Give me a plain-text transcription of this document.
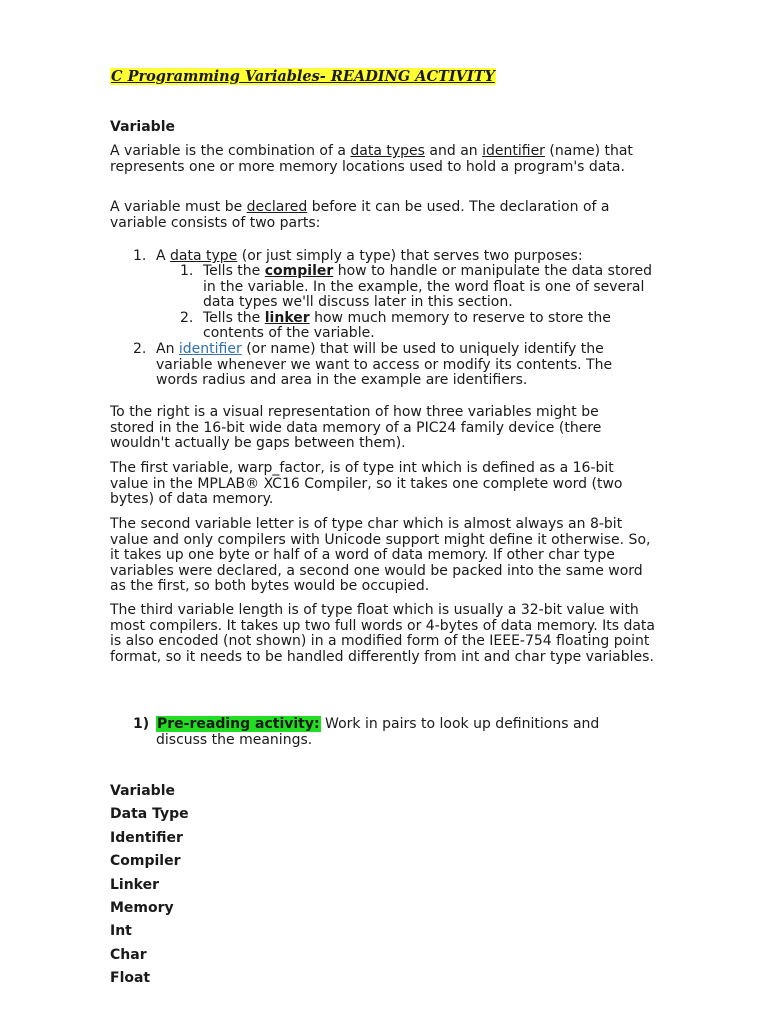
C Programming Variables- READING ACTIVITY
Variable
A variable is the combination of a data types and an identifier (name) that represents one or more memory locations used to hold a program's data.
A variable must be declared before it can be used. The declaration of a variable consists of two parts:
1. A data type (or just simply a type) that serves two purposes:
1. Tells the compiler how to handle or manipulate the data stored in the variable. In the example, the word float is one of several data types we'll discuss later in this section.
2. Tells the linker how much memory to reserve to store the contents of the variable.
2. An identifier (or name) that will be used to uniquely identify the variable whenever we want to access or modify its contents. The words radius and area in the example are identifiers.
To the right is a visual representation of how three variables might be stored in the 16-bit wide data memory of a PIC24 family device (there wouldn't actually be gaps between them).
The first variable, warp_factor, is of type int which is defined as a 16-bit value in the MPLAB® XC16 Compiler, so it takes one complete word (two bytes) of data memory.
The second variable letter is of type char which is almost always an 8-bit value and only compilers with Unicode support might define it otherwise. So, it takes up one byte or half of a word of data memory. If other char type variables were declared, a second one would be packed into the same word as the first, so both bytes would be occupied.
The third variable length is of type float which is usually a 32-bit value with most compilers. It takes up two full words or 4-bytes of data memory. Its data is also encoded (not shown) in a modified form of the IEEE-754 floating point format, so it needs to be handled differently from int and char type variables.
1) Pre-reading activity: Work in pairs to look up definitions and discuss the meanings.
Variable
Data Type
Identifier
Compiler
Linker
Memory
Int
Char
Float
